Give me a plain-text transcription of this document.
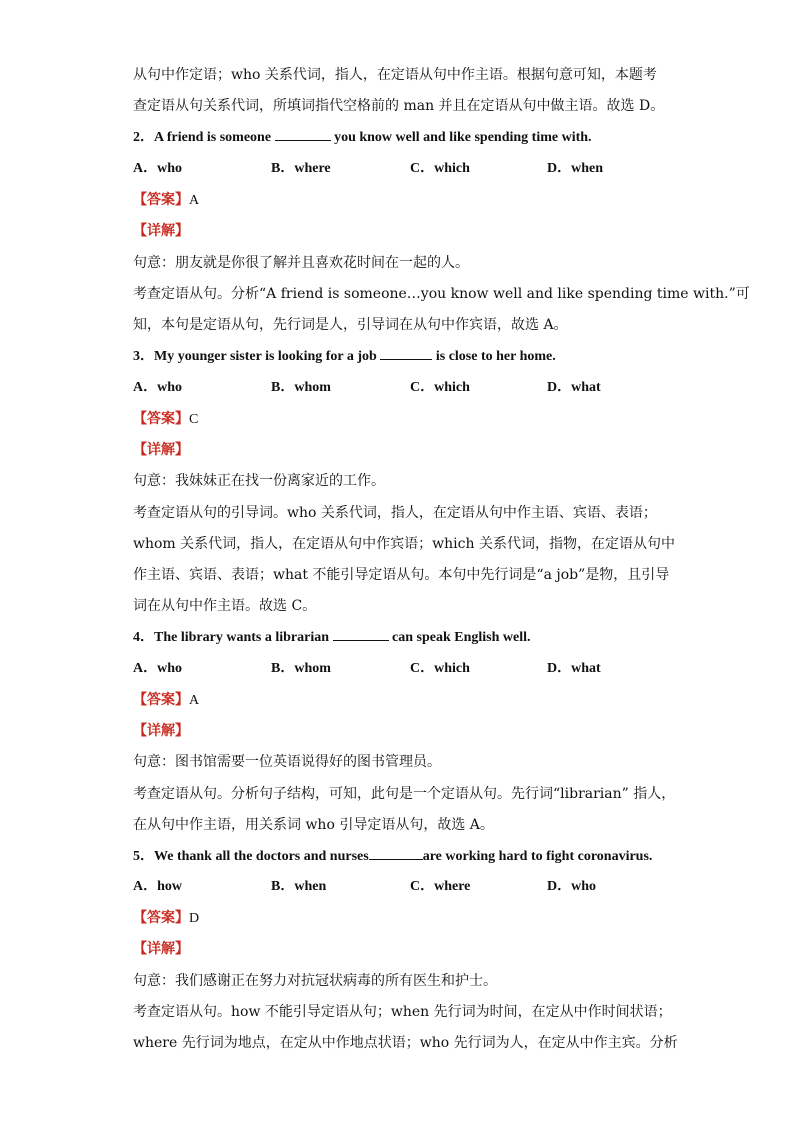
从句中作定语；who 关系代词，指人，在定语从句中作主语。根据句意可知，本题考
查定语从句关系代词，所填词指代空格前的 man 并且在定语从句中做主语。故选 D。
2．A friend is someone	you know well and like spending time with.
A．who	B．where	C．which	D．when
【答案】A
【详解】
句意：朋友就是你很了解并且喜欢花时间在一起的人。
考查定语从句。分析“A friend is someone…you know well and like spending time with.”可
知，本句是定语从句，先行词是人，引导词在从句中作宾语，故选 A。
3．My younger sister is looking for a job	is close to her home.
A．who	B．whom	C．which	D．what
【答案】C
【详解】
句意：我妹妹正在找一份离家近的工作。
考查定语从句的引导词。who 关系代词，指人，在定语从句中作主语、宾语、表语；
whom 关系代词，指人，在定语从句中作宾语；which 关系代词，指物，在定语从句中
作主语、宾语、表语；what 不能引导定语从句。本句中先行词是“a job”是物，且引导
词在从句中作主语。故选 C。
4．The library wants a librarian	can speak English well.
A．who	B．whom	C．which	D．what
【答案】A
【详解】
句意：图书馆需要一位英语说得好的图书管理员。
考查定语从句。分析句子结构，可知，此句是一个定语从句。先行词“librarian” 指人，
在从句中作主语，用关系词 who 引导定语从句，故选 A。
5．We thank all the doctors and nurses	are working hard to fight coronavirus.
A．how	B．when	C．where	D．who
【答案】D
【详解】
句意：我们感谢正在努力对抗冠状病毒的所有医生和护士。
考查定语从句。how 不能引导定语从句；when 先行词为时间，在定从中作时间状语；
where 先行词为地点，在定从中作地点状语；who 先行词为人，在定从中作主宾。分析
